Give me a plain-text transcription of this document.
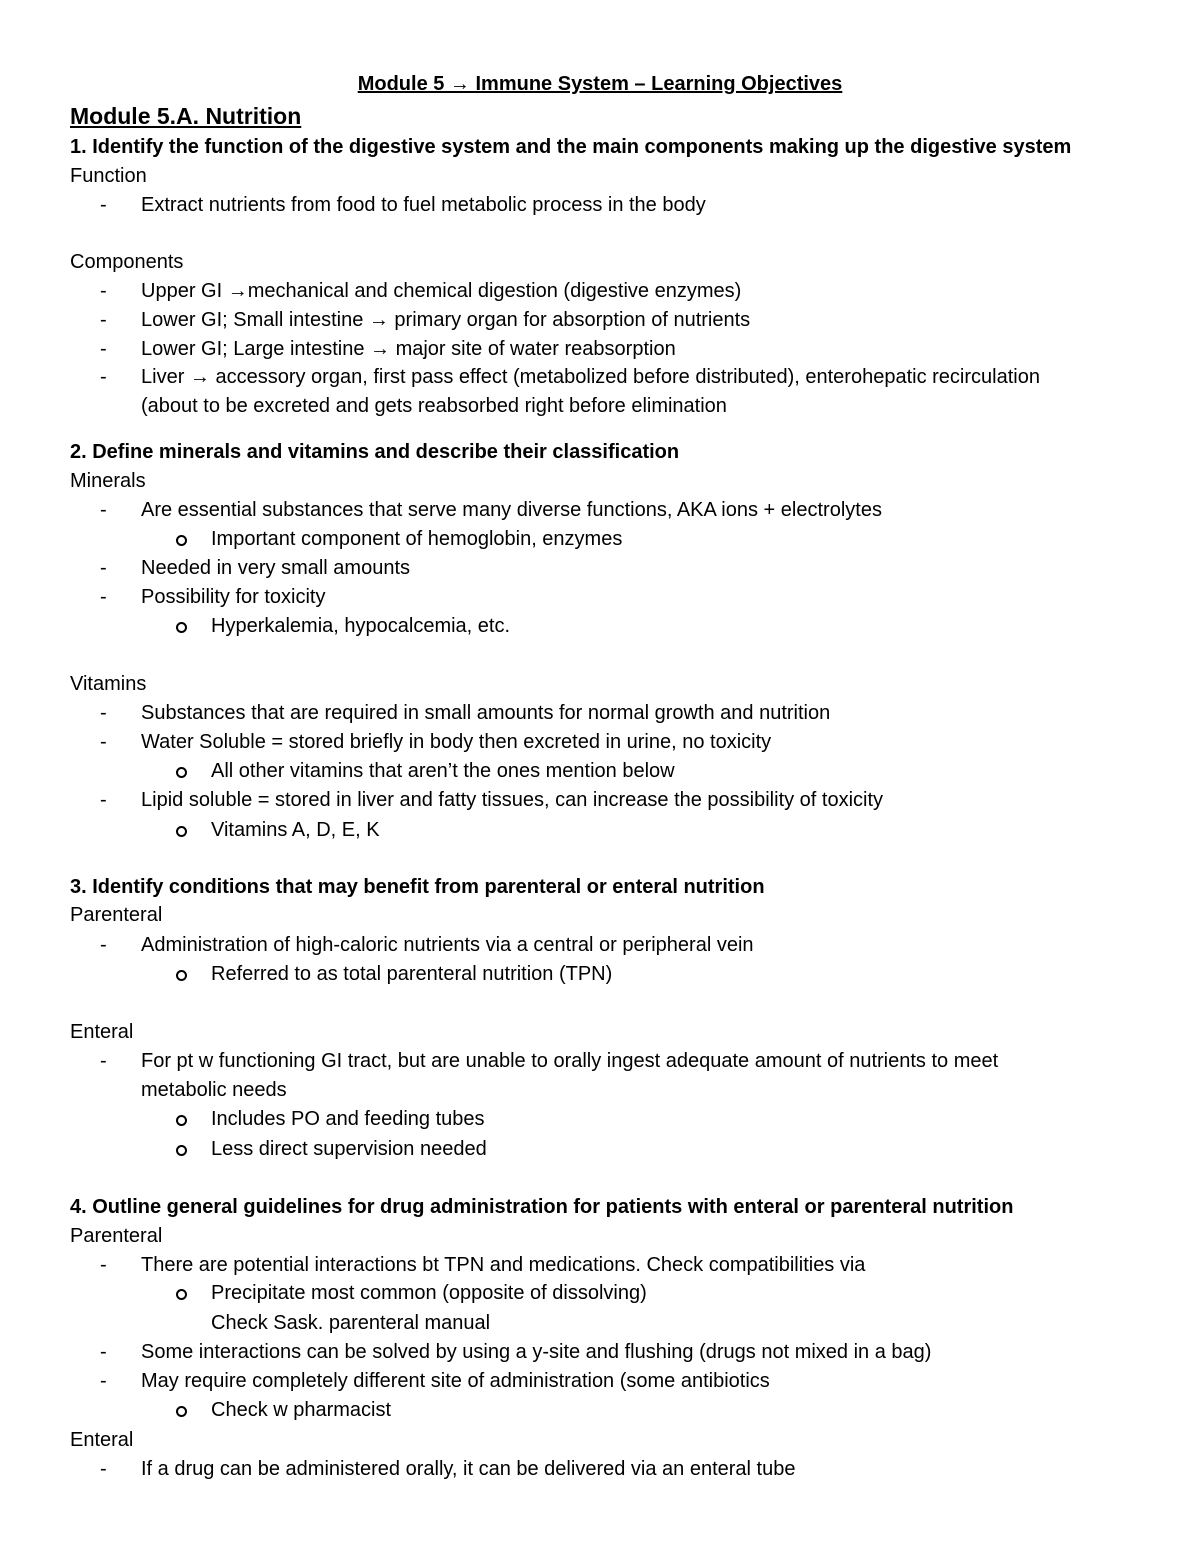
Module 5 → Immune System – Learning Objectives
Module 5.A. Nutrition
1. Identify the function of the digestive system and the main components making up the digestive system
Function
-
Extract nutrients from food to fuel metabolic process in the body
Components
-
Upper GI →mechanical and chemical digestion (digestive enzymes)
-
Lower GI; Small intestine → primary organ for absorption of nutrients
-
Lower GI; Large intestine → major site of water reabsorption
-
Liver → accessory organ, first pass effect (metabolized before distributed), enterohepatic recirculation
(about to be excreted and gets reabsorbed right before elimination
2. Define minerals and vitamins and describe their classification
Minerals
-
Are essential substances that serve many diverse functions, AKA ions + electrolytes
Important component of hemoglobin, enzymes
-
Needed in very small amounts
-
Possibility for toxicity
Hyperkalemia, hypocalcemia, etc.
Vitamins
-
Substances that are required in small amounts for normal growth and nutrition
-
Water Soluble = stored briefly in body then excreted in urine, no toxicity
All other vitamins that aren’t the ones mention below
-
Lipid soluble = stored in liver and fatty tissues, can increase the possibility of toxicity
Vitamins A, D, E, K
3. Identify conditions that may benefit from parenteral or enteral nutrition
Parenteral
-
Administration of high-caloric nutrients via a central or peripheral vein
Referred to as total parenteral nutrition (TPN)
Enteral
-
For pt w functioning GI tract, but are unable to orally ingest adequate amount of nutrients to meet
metabolic needs
Includes PO and feeding tubes
Less direct supervision needed
4. Outline general guidelines for drug administration for patients with enteral or parenteral nutrition
Parenteral
-
There are potential interactions bt TPN and medications. Check compatibilities via
Precipitate most common (opposite of dissolving)
Check Sask. parenteral manual
-
Some interactions can be solved by using a y-site and flushing (drugs not mixed in a bag)
-
May require completely different site of administration (some antibiotics
Check w pharmacist
Enteral
-
If a drug can be administered orally, it can be delivered via an enteral tube
